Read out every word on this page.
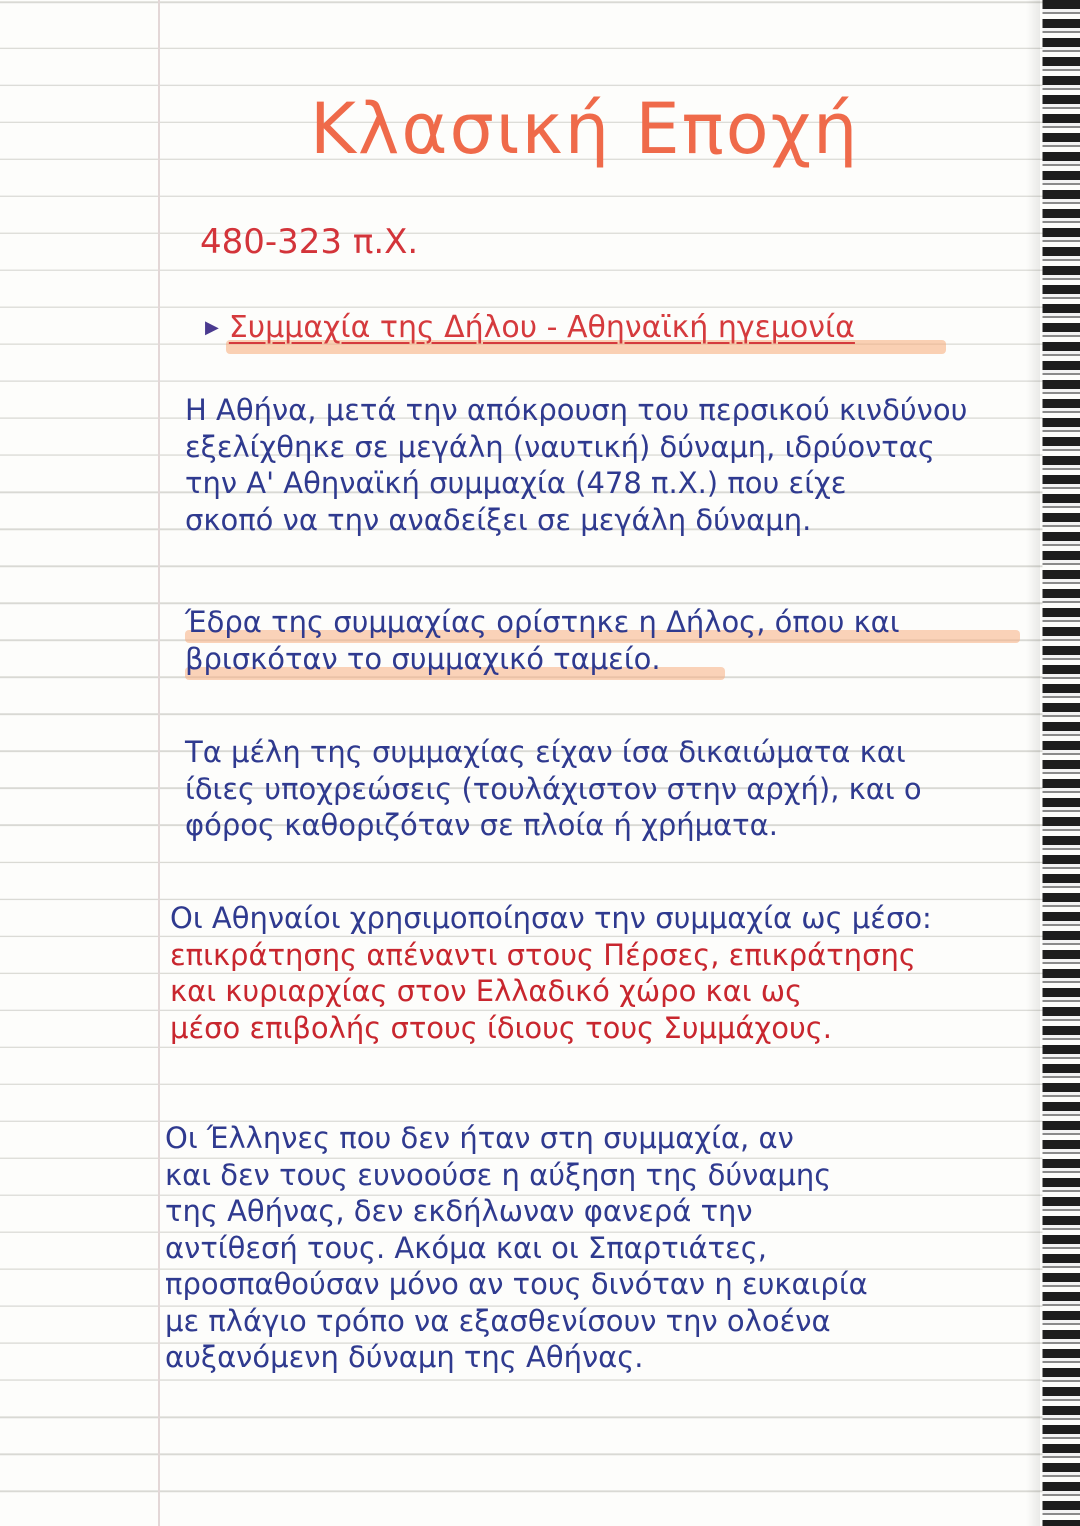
Κλασική Εποχή
480-323 π.Χ.
▶ Συμμαχία της Δήλου - Αθηναϊκή ηγεμονία
Η Αθήνα, μετά την απόκρουση του περσικού κινδύνου
εξελίχθηκε σε μεγάλη (ναυτική) δύναμη, ιδρύοντας
την Α' Αθηναϊκή συμμαχία (478 π.Χ.) που είχε
σκοπό να την αναδείξει σε μεγάλη δύναμη.
Έδρα της συμμαχίας ορίστηκε η Δήλος, όπου και
βρισκόταν το συμμαχικό ταμείο.
Τα μέλη της συμμαχίας είχαν ίσα δικαιώματα και
ίδιες υποχρεώσεις (τουλάχιστον στην αρχή), και ο
φόρος καθοριζόταν σε πλοία ή χρήματα.
Οι Αθηναίοι χρησιμοποίησαν την συμμαχία ως μέσο:
επικράτησης απέναντι στους Πέρσες, επικράτησης
και κυριαρχίας στον Ελλαδικό χώρο και ως
μέσο επιβολής στους ίδιους τους Συμμάχους.
Οι Έλληνες που δεν ήταν στη συμμαχία, αν
και δεν τους ευνοούσε η αύξηση της δύναμης
της Αθήνας, δεν εκδήλωναν φανερά την
αντίθεσή τους. Ακόμα και οι Σπαρτιάτες,
προσπαθούσαν μόνο αν τους δινόταν η ευκαιρία
με πλάγιο τρόπο να εξασθενίσουν την ολοένα
αυξανόμενη δύναμη της Αθήνας.
